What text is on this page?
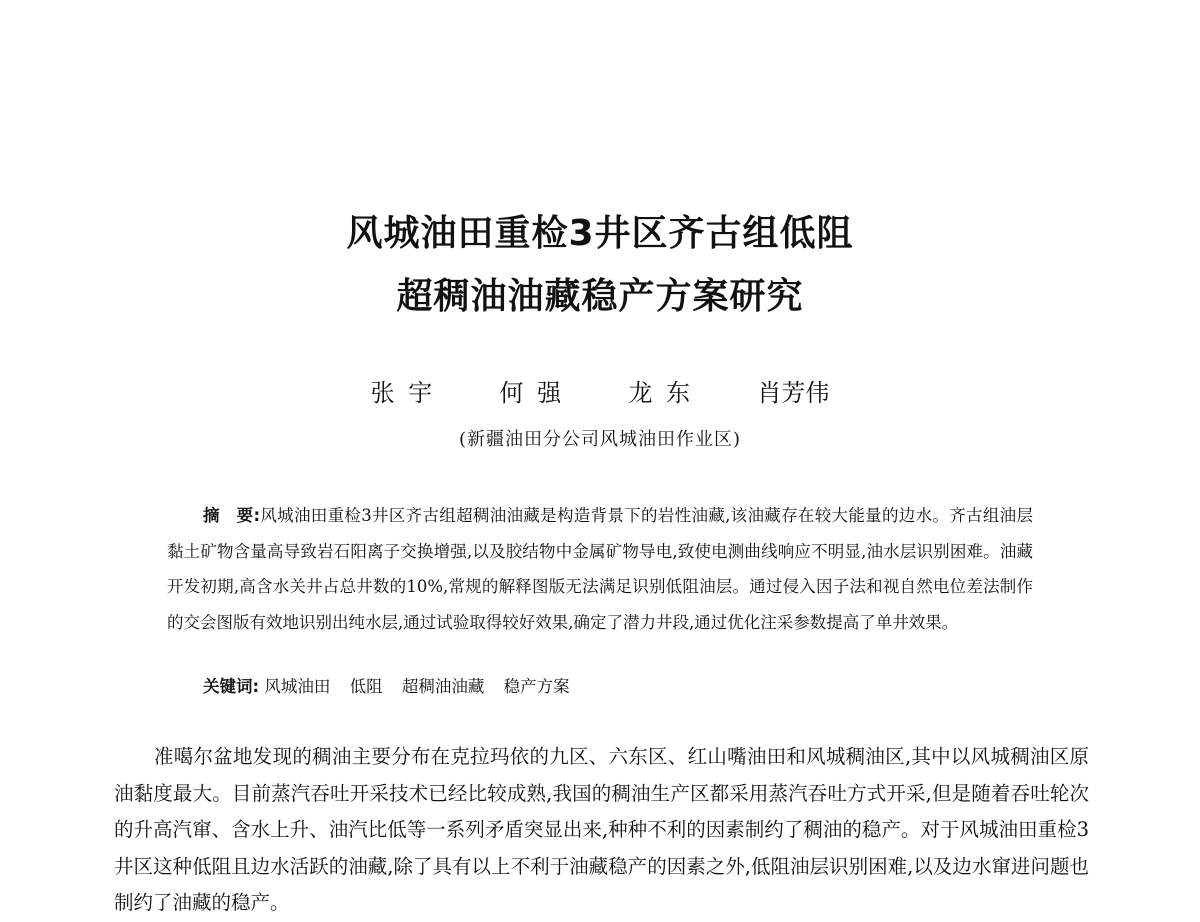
风城油田重检3井区齐古组低阻
超稠油油藏稳产方案研究
张 宇	何 强	龙 东	肖芳伟
(新疆油田分公司风城油田作业区)

摘　要:风城油田重检3井区齐古组超稠油油藏是构造背景下的岩性油藏,该油藏存在较大能量的边水。齐古组油层黏土矿物含量高导致岩石阳离子交换增强,以及胶结物中金属矿物导电,致使电测曲线响应不明显,油水层识别困难。油藏开发初期,高含水关井占总井数的10%,常规的解释图版无法满足识别低阻油层。通过侵入因子法和视自然电位差法制作的交会图版有效地识别出纯水层,通过试验取得较好效果,确定了潜力井段,通过优化注采参数提高了单井效果。

关键词: 风城油田 低阻 超稠油油藏 稳产方案

准噶尔盆地发现的稠油主要分布在克拉玛依的九区、六东区、红山嘴油田和风城稠油区,其中以风城稠油区原油黏度最大。目前蒸汽吞吐开采技术已经比较成熟,我国的稠油生产区都采用蒸汽吞吐方式开采,但是随着吞吐轮次的升高汽窜、含水上升、油汽比低等一系列矛盾突显出来,种种不利的因素制约了稠油的稳产。对于风城油田重检3井区这种低阻且边水活跃的油藏,除了具有以上不利于油藏稳产的因素之外,低阻油层识别困难,以及边水窜进问题也制约了油藏的稳产。
